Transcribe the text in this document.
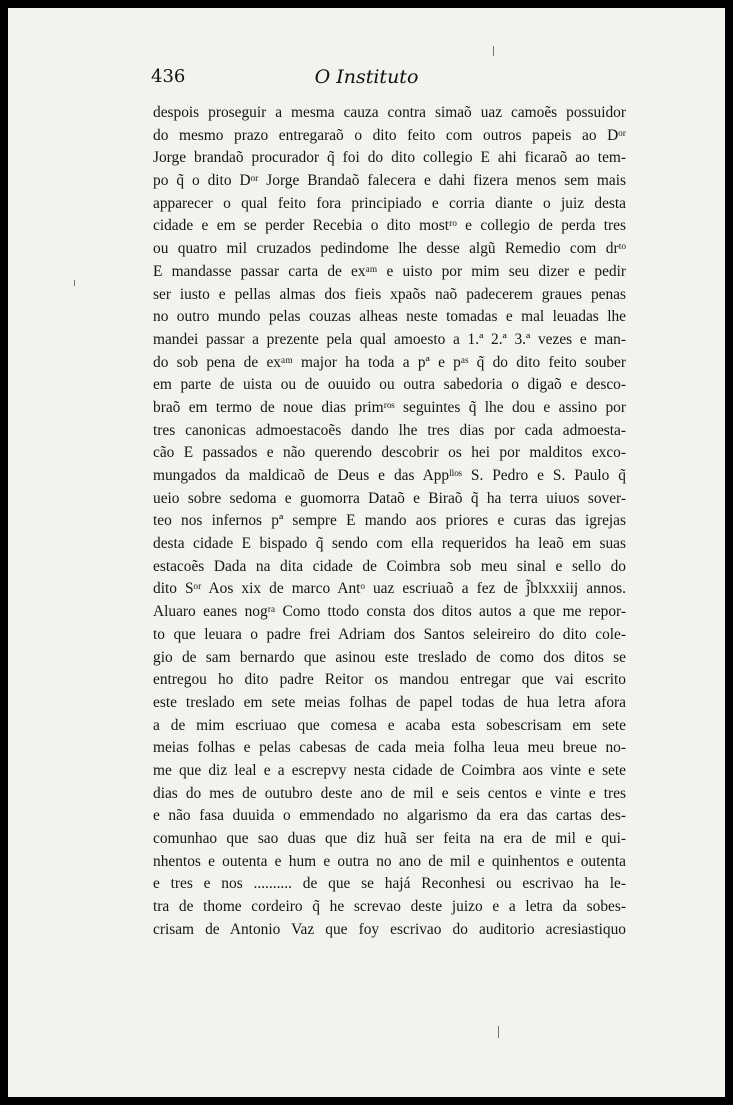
436	O Instituto
despois proseguir a mesma cauza contra simaõ uaz camoẽs possuidor
do mesmo prazo entregaraõ o dito feito com outros papeis ao Dᵒʳ
Jorge brandaõ procurador q̃ foi do dito collegio E ahi ficaraõ ao tem-
po q̃ o dito Dᵒʳ Jorge Brandaõ falecera e dahi fizera menos sem mais
apparecer o qual feito fora principiado e corria diante o juiz desta
cidade e em se perder Recebia o dito mostʳᵒ e collegio de perda tres
ou quatro mil cruzados pedindome lhe desse algũ Remedio com drᵗᵒ
E mandasse passar carta de exᵃᵐ e uisto por mim seu dizer e pedir
ser iusto e pellas almas dos fieis xpaõs naõ padecerem graues penas
no outro mundo pelas couzas alheas neste tomadas e mal leuadas lhe
mandei passar a prezente pela qual amoesto a 1.ª 2.ª 3.ª vezes e man-
do sob pena de exᵃᵐ major ha toda a pª e pᵃˢ q̃ do dito feito souber
em parte de uista ou de ouuido ou outra sabedoria o digaõ e desco-
braõ em termo de noue dias primʳᵒˢ seguintes q̃ lhe dou e assino por
tres canonicas admoestacoẽs dando lhe tres dias por cada admoesta-
cão E passados e não querendo descobrir os hei por malditos exco-
mungados da maldicaõ de Deus e das Appˡˡᵒˢ S. Pedro e S. Paulo q̃
ueio sobre sedoma e guomorra Dataõ e Biraõ q̃ ha terra uiuos sover-
teo nos infernos pª sempre E mando aos priores e curas das igrejas
desta cidade E bispado q̃ sendo com ella requeridos ha leaõ em suas
estacoẽs Dada na dita cidade de Coimbra sob meu sinal e sello do
dito Sᵒʳ Aos xix de marco Antᵒ uaz escriuaõ a fez de j̃blxxxiij annos.
Aluaro eanes nogʳᵃ Como ttodo consta dos ditos autos a que me repor-
to que leuara o padre frei Adriam dos Santos seleireiro do dito cole-
gio de sam bernardo que asinou este treslado de como dos ditos se
entregou ho dito padre Reitor os mandou entregar que vai escrito
este treslado em sete meias folhas de papel todas de hua letra afora
a de mim escriuao que comesa e acaba esta sobescrisam em sete
meias folhas e pelas cabesas de cada meia folha leua meu breue no-
me que diz leal e a escrepvy nesta cidade de Coimbra aos vinte e sete
dias do mes de outubro deste ano de mil e seis centos e vinte e tres
e não fasa duuida o emmendado no algarismo da era das cartas des-
comunhao que sao duas que diz huã ser feita na era de mil e qui-
nhentos e outenta e hum e outra no ano de mil e quinhentos e outenta
e tres e nos .......... de que se hajá Reconhesi ou escrivao ha le-
tra de thome cordeiro q̃ he screvao deste juizo e a letra da sobes-
crisam de Antonio Vaz que foy escrivao do auditorio acresiastiquo
